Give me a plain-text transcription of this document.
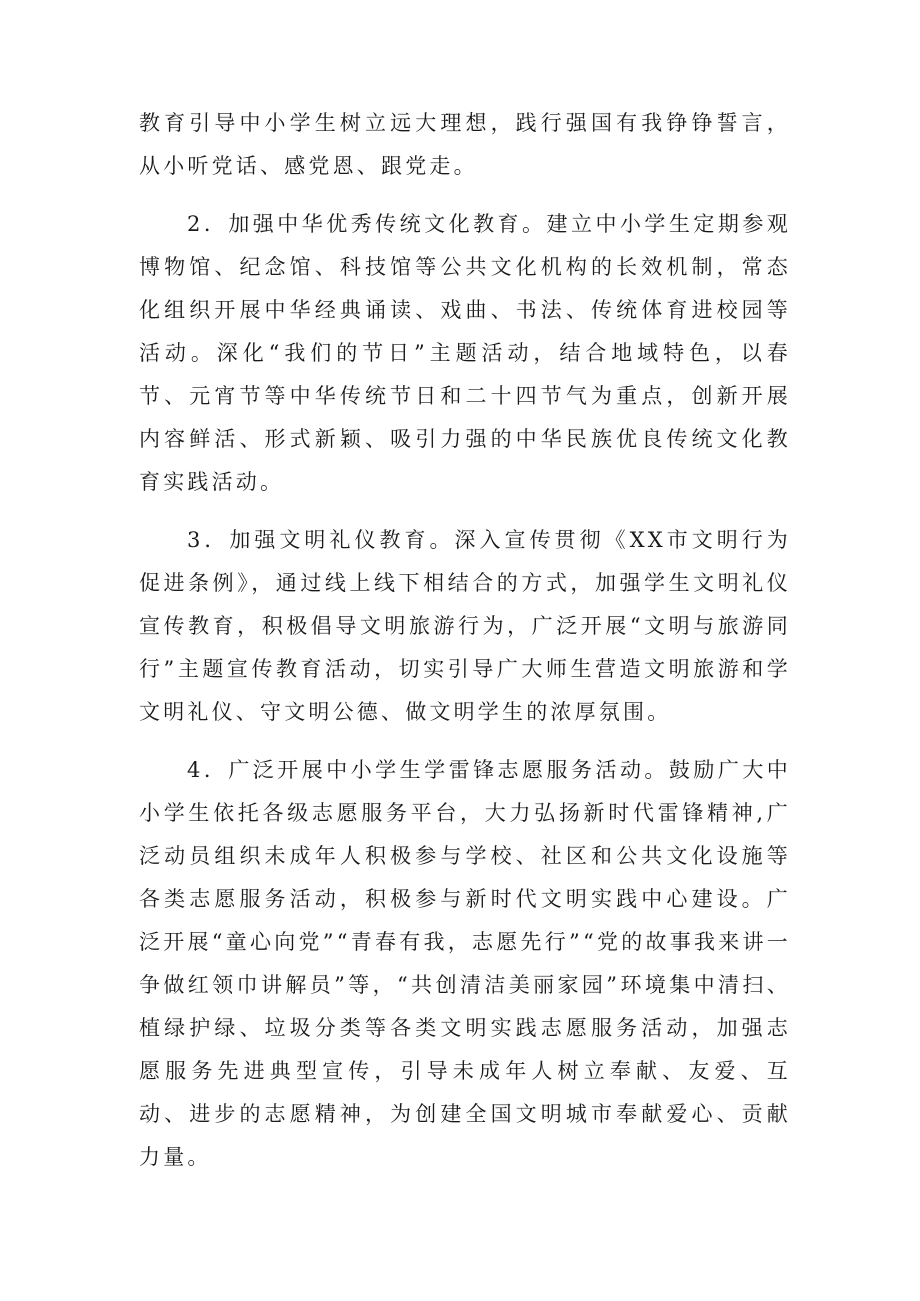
教育引导中小学生树立远大理想，践行强国有我铮铮誓言，从小听党话、感党恩、跟党走。

2．加强中华优秀传统文化教育。建立中小学生定期参观博物馆、纪念馆、科技馆等公共文化机构的长效机制，常态化组织开展中华经典诵读、戏曲、书法、传统体育进校园等活动。深化“我们的节日”主题活动，结合地域特色，以春节、元宵节等中华传统节日和二十四节气为重点，创新开展内容鲜活、形式新颖、吸引力强的中华民族优良传统文化教育实践活动。

3．加强文明礼仪教育。深入宣传贯彻《XX市文明行为促进条例》，通过线上线下相结合的方式，加强学生文明礼仪宣传教育，积极倡导文明旅游行为，广泛开展“文明与旅游同行”主题宣传教育活动，切实引导广大师生营造文明旅游和学文明礼仪、守文明公德、做文明学生的浓厚氛围。

4．广泛开展中小学生学雷锋志愿服务活动。鼓励广大中小学生依托各级志愿服务平台，大力弘扬新时代雷锋精神,广泛动员组织未成年人积极参与学校、社区和公共文化设施等各类志愿服务活动，积极参与新时代文明实践中心建设。广泛开展“童心向党”“青春有我，志愿先行”“党的故事我来讲一争做红领巾讲解员”等，“共创清洁美丽家园”环境集中清扫、植绿护绿、垃圾分类等各类文明实践志愿服务活动，加强志愿服务先进典型宣传，引导未成年人树立奉献、友爱、互动、进步的志愿精神，为创建全国文明城市奉献爱心、贡献力量。
